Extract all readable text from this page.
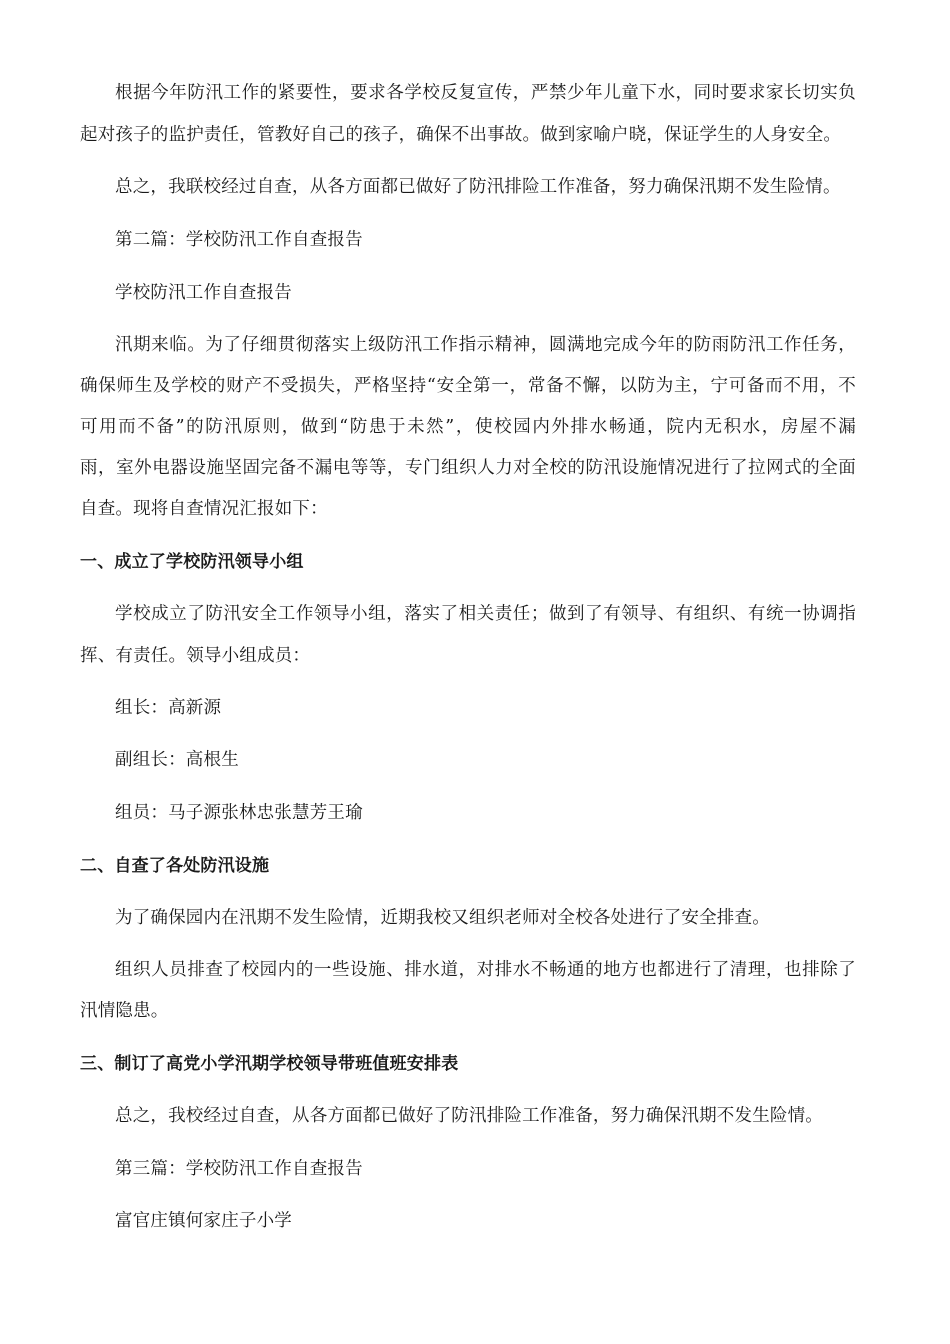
根据今年防汛工作的紧要性，要求各学校反复宣传，严禁少年儿童下水，同时要求家长切实负
起对孩子的监护责任，管教好自己的孩子，确保不出事故。做到家喻户晓，保证学生的人身安全。
总之，我联校经过自查，从各方面都已做好了防汛排险工作准备，努力确保汛期不发生险情。
第二篇：学校防汛工作自查报告
学校防汛工作自查报告
汛期来临。为了仔细贯彻落实上级防汛工作指示精神，圆满地完成今年的防雨防汛工作任务，
确保师生及学校的财产不受损失，严格坚持“安全第一，常备不懈，以防为主，宁可备而不用，不
可用而不备”的防汛原则，做到“防患于未然”，使校园内外排水畅通，院内无积水，房屋不漏
雨，室外电器设施坚固完备不漏电等等，专门组织人力对全校的防汛设施情况进行了拉网式的全面
自查。现将自查情况汇报如下：
一、成立了学校防汛领导小组
学校成立了防汛安全工作领导小组，落实了相关责任；做到了有领导、有组织、有统一协调指
挥、有责任。领导小组成员：
组长：高新源
副组长：高根生
组员：马子源张林忠张慧芳王瑜
二、自查了各处防汛设施
为了确保园内在汛期不发生险情，近期我校又组织老师对全校各处进行了安全排查。
组织人员排查了校园内的一些设施、排水道，对排水不畅通的地方也都进行了清理，也排除了
汛情隐患。
三、制订了高党小学汛期学校领导带班值班安排表
总之，我校经过自查，从各方面都已做好了防汛排险工作准备，努力确保汛期不发生险情。
第三篇：学校防汛工作自查报告
富官庄镇何家庄子小学
